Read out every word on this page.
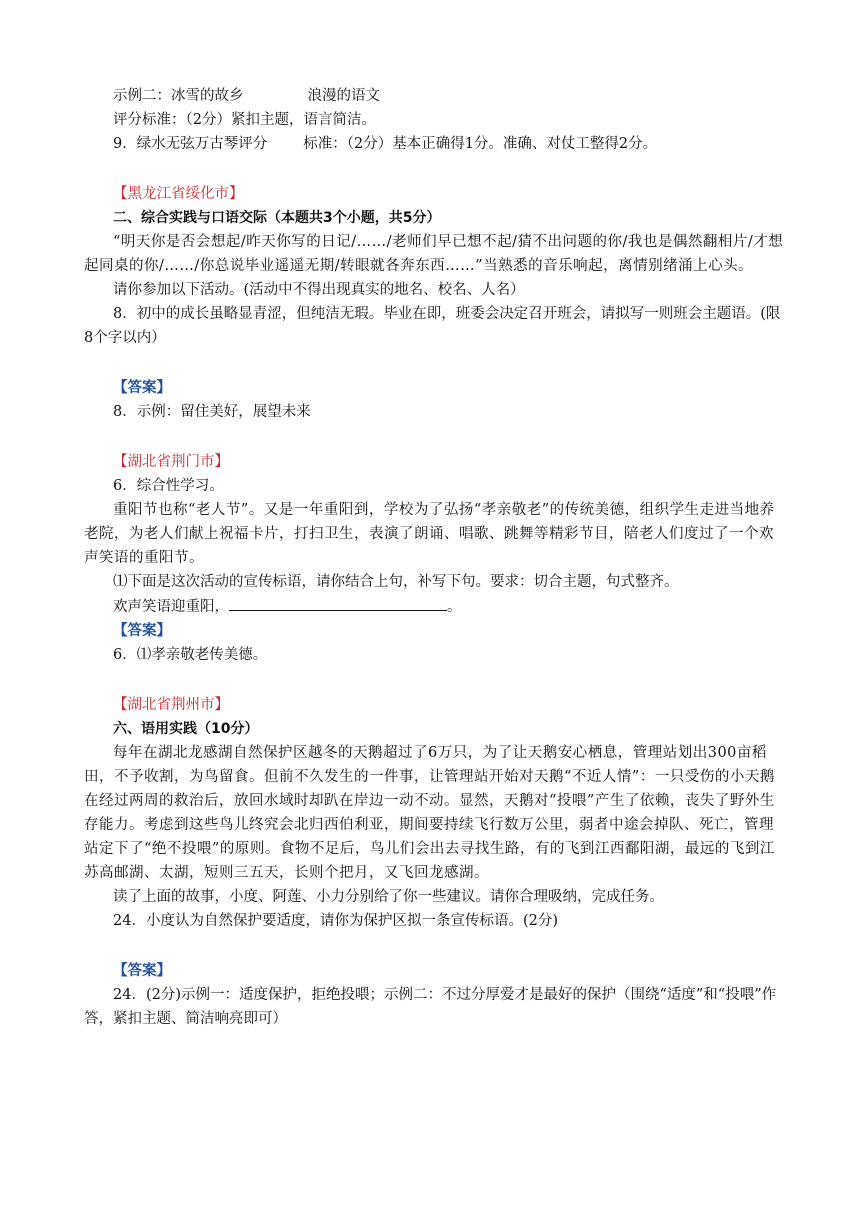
示例二：冰雪的故乡	浪漫的语文

评分标准：（2分）紧扣主题，语言简洁。

9．绿水无弦万古琴评分 标准：（2分）基本正确得1分。准确、对仗工整得2分。

【黑龙江省绥化市】

二、综合实践与口语交际（本题共3个小题，共5分）

“明天你是否会想起/昨天你写的日记/……/老师们早已想不起/猜不出问题的你/我也是偶然翻相片/才想起同桌的你/……/你总说毕业遥遥无期/转眼就各奔东西……”当熟悉的音乐响起，离情别绪涌上心头。

请你参加以下活动。(活动中不得出现真实的地名、校名、人名）

8．初中的成长虽略显青涩，但纯洁无瑕。毕业在即，班委会决定召开班会，请拟写一则班会主题语。(限8个字以内）

【答案】

8．示例：留住美好，展望未来

【湖北省荆门市】

6．综合性学习。

重阳节也称“老人节”。又是一年重阳到，学校为了弘扬“孝亲敬老”的传统美德，组织学生走进当地养老院，为老人们献上祝福卡片，打扫卫生，表演了朗诵、唱歌、跳舞等精彩节目，陪老人们度过了一个欢声笑语的重阳节。

⑴下面是这次活动的宣传标语，请你结合上句，补写下句。要求：切合主题，句式整齐。

欢声笑语迎重阳，	。

【答案】

6．⑴孝亲敬老传美德。

【湖北省荆州市】

六、语用实践（10分）

每年在湖北龙感湖自然保护区越冬的天鹅超过了6万只，为了让天鹅安心栖息，管理站划出300亩稻田，不予收割，为鸟留食。但前不久发生的一件事，让管理站开始对天鹅“不近人情”：一只受伤的小天鹅在经过两周的救治后，放回水域时却趴在岸边一动不动。显然，天鹅对“投喂”产生了依赖，丧失了野外生存能力。考虑到这些鸟儿终究会北归西伯利亚，期间要持续飞行数万公里，弱者中途会掉队、死亡，管理站定下了“绝不投喂”的原则。食物不足后，鸟儿们会出去寻找生路，有的飞到江西鄱阳湖，最远的飞到江苏高邮湖、太湖，短则三五天，长则个把月，又飞回龙感湖。

读了上面的故事，小度、阿莲、小力分别给了你一些建议。请你合理吸纳，完成任务。

24．小度认为自然保护要适度，请你为保护区拟一条宣传标语。(2分)

【答案】

24．(2分)示例一：适度保护，拒绝投喂；示例二：不过分厚爱才是最好的保护（围绕“适度”和“投喂”作答，紧扣主题、简洁响亮即可）
